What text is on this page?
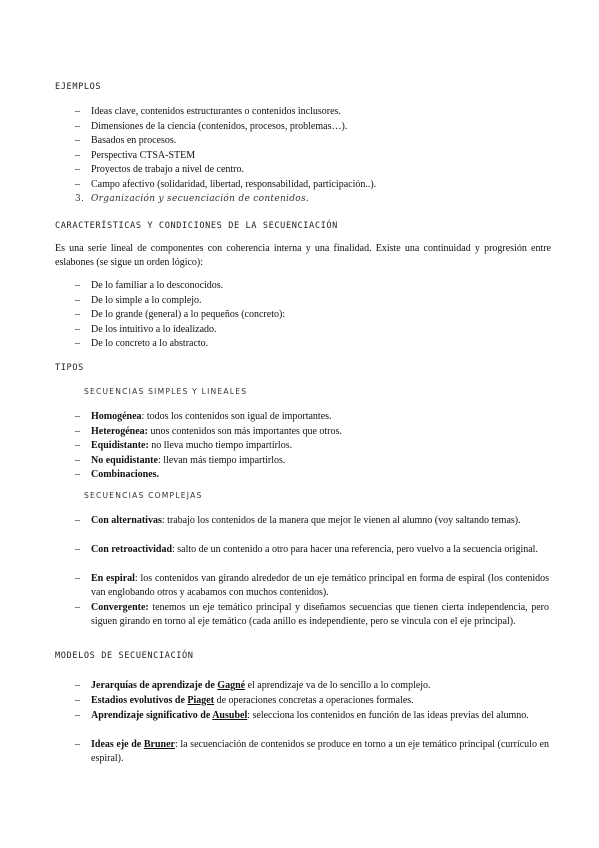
EJEMPLOS
–	Ideas clave, contenidos estructurantes o contenidos inclusores.
–	Dimensiones de la ciencia (contenidos, procesos, problemas…).
–	Basados en procesos.
–	Perspectiva CTSA-STEM
–	Proyectos de trabajo a nivel de centro.
–	Campo afectivo (solidaridad, libertad, responsabilidad, participación..).
3. Organización y secuenciación de contenidos.
CARACTERÍSTICAS Y CONDICIONES DE LA SECUENCIACIÓN
Es una serie lineal de componentes con coherencia interna y una finalidad. Existe una continuidad y progresión entre eslabones (se sigue un orden lógico):
–	De lo familiar a lo desconocidos.
–	De lo simple a lo complejo.
–	De lo grande (general) a lo pequeños (concreto):
–	De los intuitivo a lo idealizado.
–	De lo concreto a lo abstracto.
TIPOS
SECUENCIAS SIMPLES Y LINEALES
–	Homogénea: todos los contenidos son igual de importantes.
–	Heterogénea: unos contenidos son más importantes que otros.
–	Equidistante: no lleva mucho tiempo impartirlos.
–	No equidistante: llevan más tiempo impartirlos.
–	Combinaciones.
SECUENCIAS COMPLEJAS
–	Con alternativas: trabajo los contenidos de la manera que mejor le vienen al alumno (voy saltando temas).
–	Con retroactividad: salto de un contenido a otro para hacer una referencia, pero vuelvo a la secuencia original.
–	En espiral: los contenidos van girando alrededor de un eje temático principal en forma de espiral (los contenidos van englobando otros y acabamos con muchos contenidos).
–	Convergente: tenemos un eje temático principal y diseñamos secuencias que tienen cierta independencia, pero siguen girando en torno al eje temático (cada anillo es independiente, pero se vincula con el eje principal).
MODELOS DE SECUENCIACIÓN
–	Jerarquías de aprendizaje de Gagné el aprendizaje va de lo sencillo a lo complejo.
–	Estadios evolutivos de Piaget de operaciones concretas a operaciones formales.
–	Aprendizaje significativo de Ausubel: selecciona los contenidos en función de las ideas previas del alumno.
–	Ideas eje de Bruner: la secuenciación de contenidos se produce en torno a un eje temático principal (currículo en espiral).
